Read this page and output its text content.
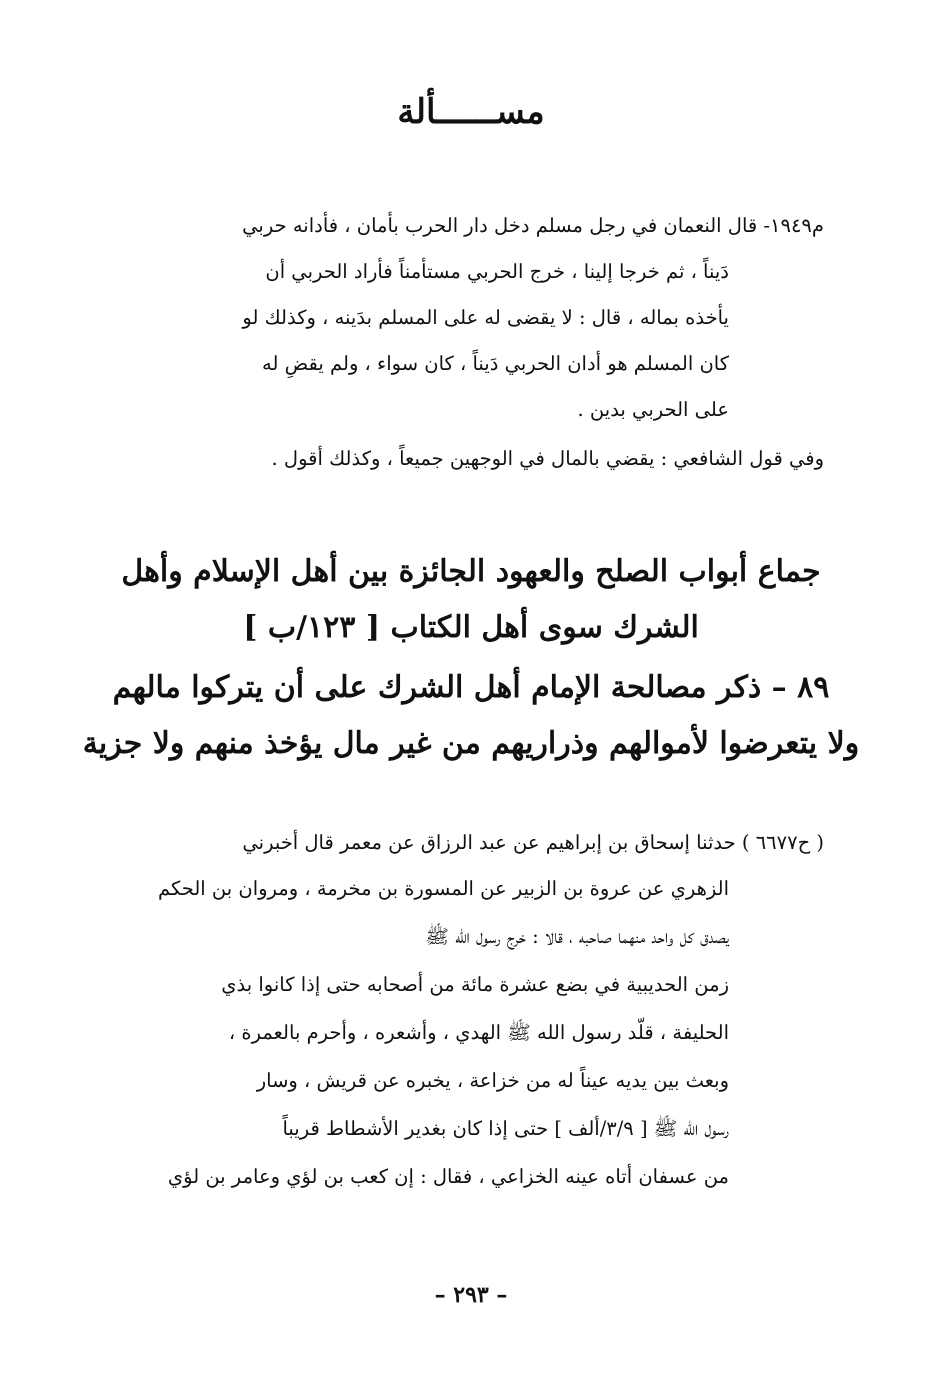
مســــــألة
م١٩٤٩- قال النعمان في رجل مسلم دخل دار الحرب بأمان ، فأدانه حربي
دَيناً ، ثم خرجا إلينا ، خرج الحربي مستأمناً فأراد الحربي أن
يأخذه بماله ، قال : لا يقضى له على المسلم بدَينه ، وكذلك لو
كان المسلم هو أدان الحربي دَيناً ، كان سواء ، ولم يقضِ له
على الحربي بدين .
وفي قول الشافعي : يقضي بالمال في الوجهين جميعاً ، وكذلك أقول .
جماع أبواب الصلح والعهود الجائزة بين أهل الإسلام وأهل
الشرك سوى أهل الكتاب [ ١٢٣/ب ]
٨٩ – ذكر مصالحة الإمام أهل الشرك على أن يتركوا مالهم
ولا يتعرضوا لأموالهم وذراريهم من غير مال يؤخذ منهم ولا جزية
( ح٦٦٧٧ ) حدثنا إسحاق بن إبراهيم عن عبد الرزاق عن معمر قال أخبرني
الزهري عن عروة بن الزبير عن المسورة بن مخرمة ، ومروان بن الحكم
يصدق كل واحد منهما صاحبه ، قالا : خرج رسول الله ﷺ
زمن الحديبية في بضع عشرة مائة من أصحابه حتى إذا كانوا بذي
الحليفة ، قلّد رسول الله ﷺ الهدي ، وأشعره ، وأحرم بالعمرة ،
وبعث بين يديه عيناً له من خزاعة ، يخبره عن قريش ، وسار
رسول الله ﷺ [ ٣/٩/ألف ] حتى إذا كان بغدير الأشطاط قريباً
من عسفان أتاه عينه الخزاعي ، فقال : إن كعب بن لؤي وعامر بن لؤي
– ٢٩٣ –
